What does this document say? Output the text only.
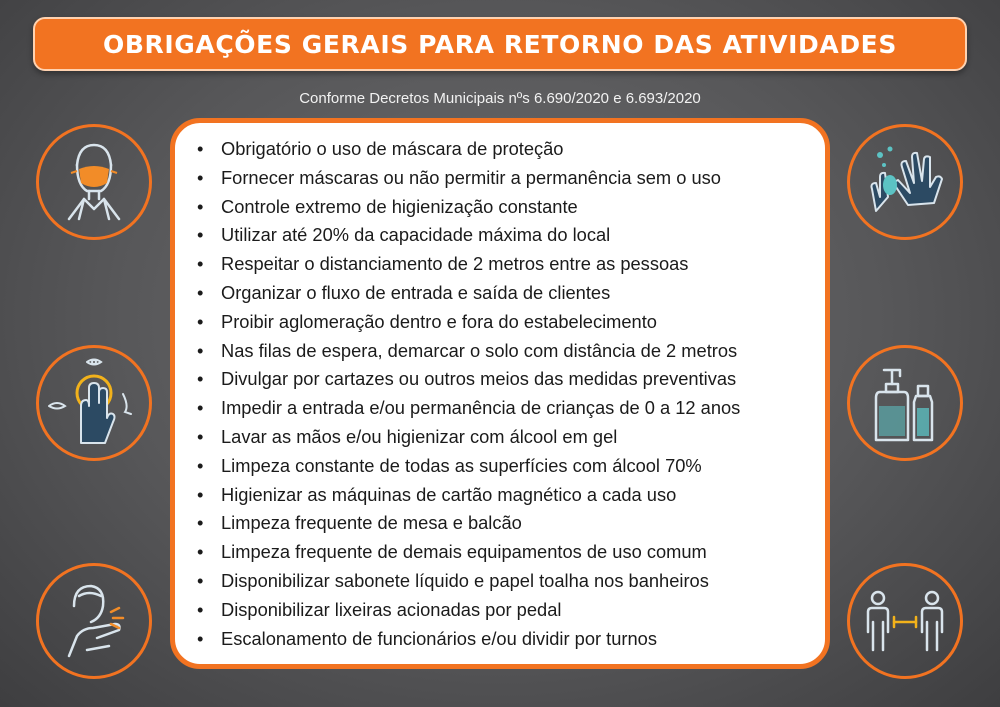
OBRIGAÇÕES GERAIS PARA RETORNO DAS ATIVIDADES
Conforme Decretos Municipais nºs 6.690/2020 e 6.693/2020
• Obrigatório o uso de máscara de proteção
• Fornecer máscaras ou não permitir a permanência sem o uso
• Controle extremo de higienização constante
• Utilizar até 20% da capacidade máxima do local
• Respeitar o distanciamento de 2 metros entre as pessoas
• Organizar o fluxo de entrada e saída de clientes
• Proibir aglomeração dentro e fora do estabelecimento
• Nas filas de espera, demarcar o solo com distância de 2 metros
• Divulgar por cartazes ou outros meios das medidas preventivas
• Impedir a entrada e/ou permanência de crianças de 0 a 12 anos
• Lavar as mãos e/ou higienizar com álcool em gel
• Limpeza constante de todas as superfícies com álcool 70%
• Higienizar as máquinas de cartão magnético a cada uso
• Limpeza frequente de mesa e balcão
• Limpeza frequente de demais equipamentos de uso comum
• Disponibilizar sabonete líquido e papel toalha nos banheiros
• Disponibilizar lixeiras acionadas por pedal
• Escalonamento de funcionários e/ou dividir por turnos
